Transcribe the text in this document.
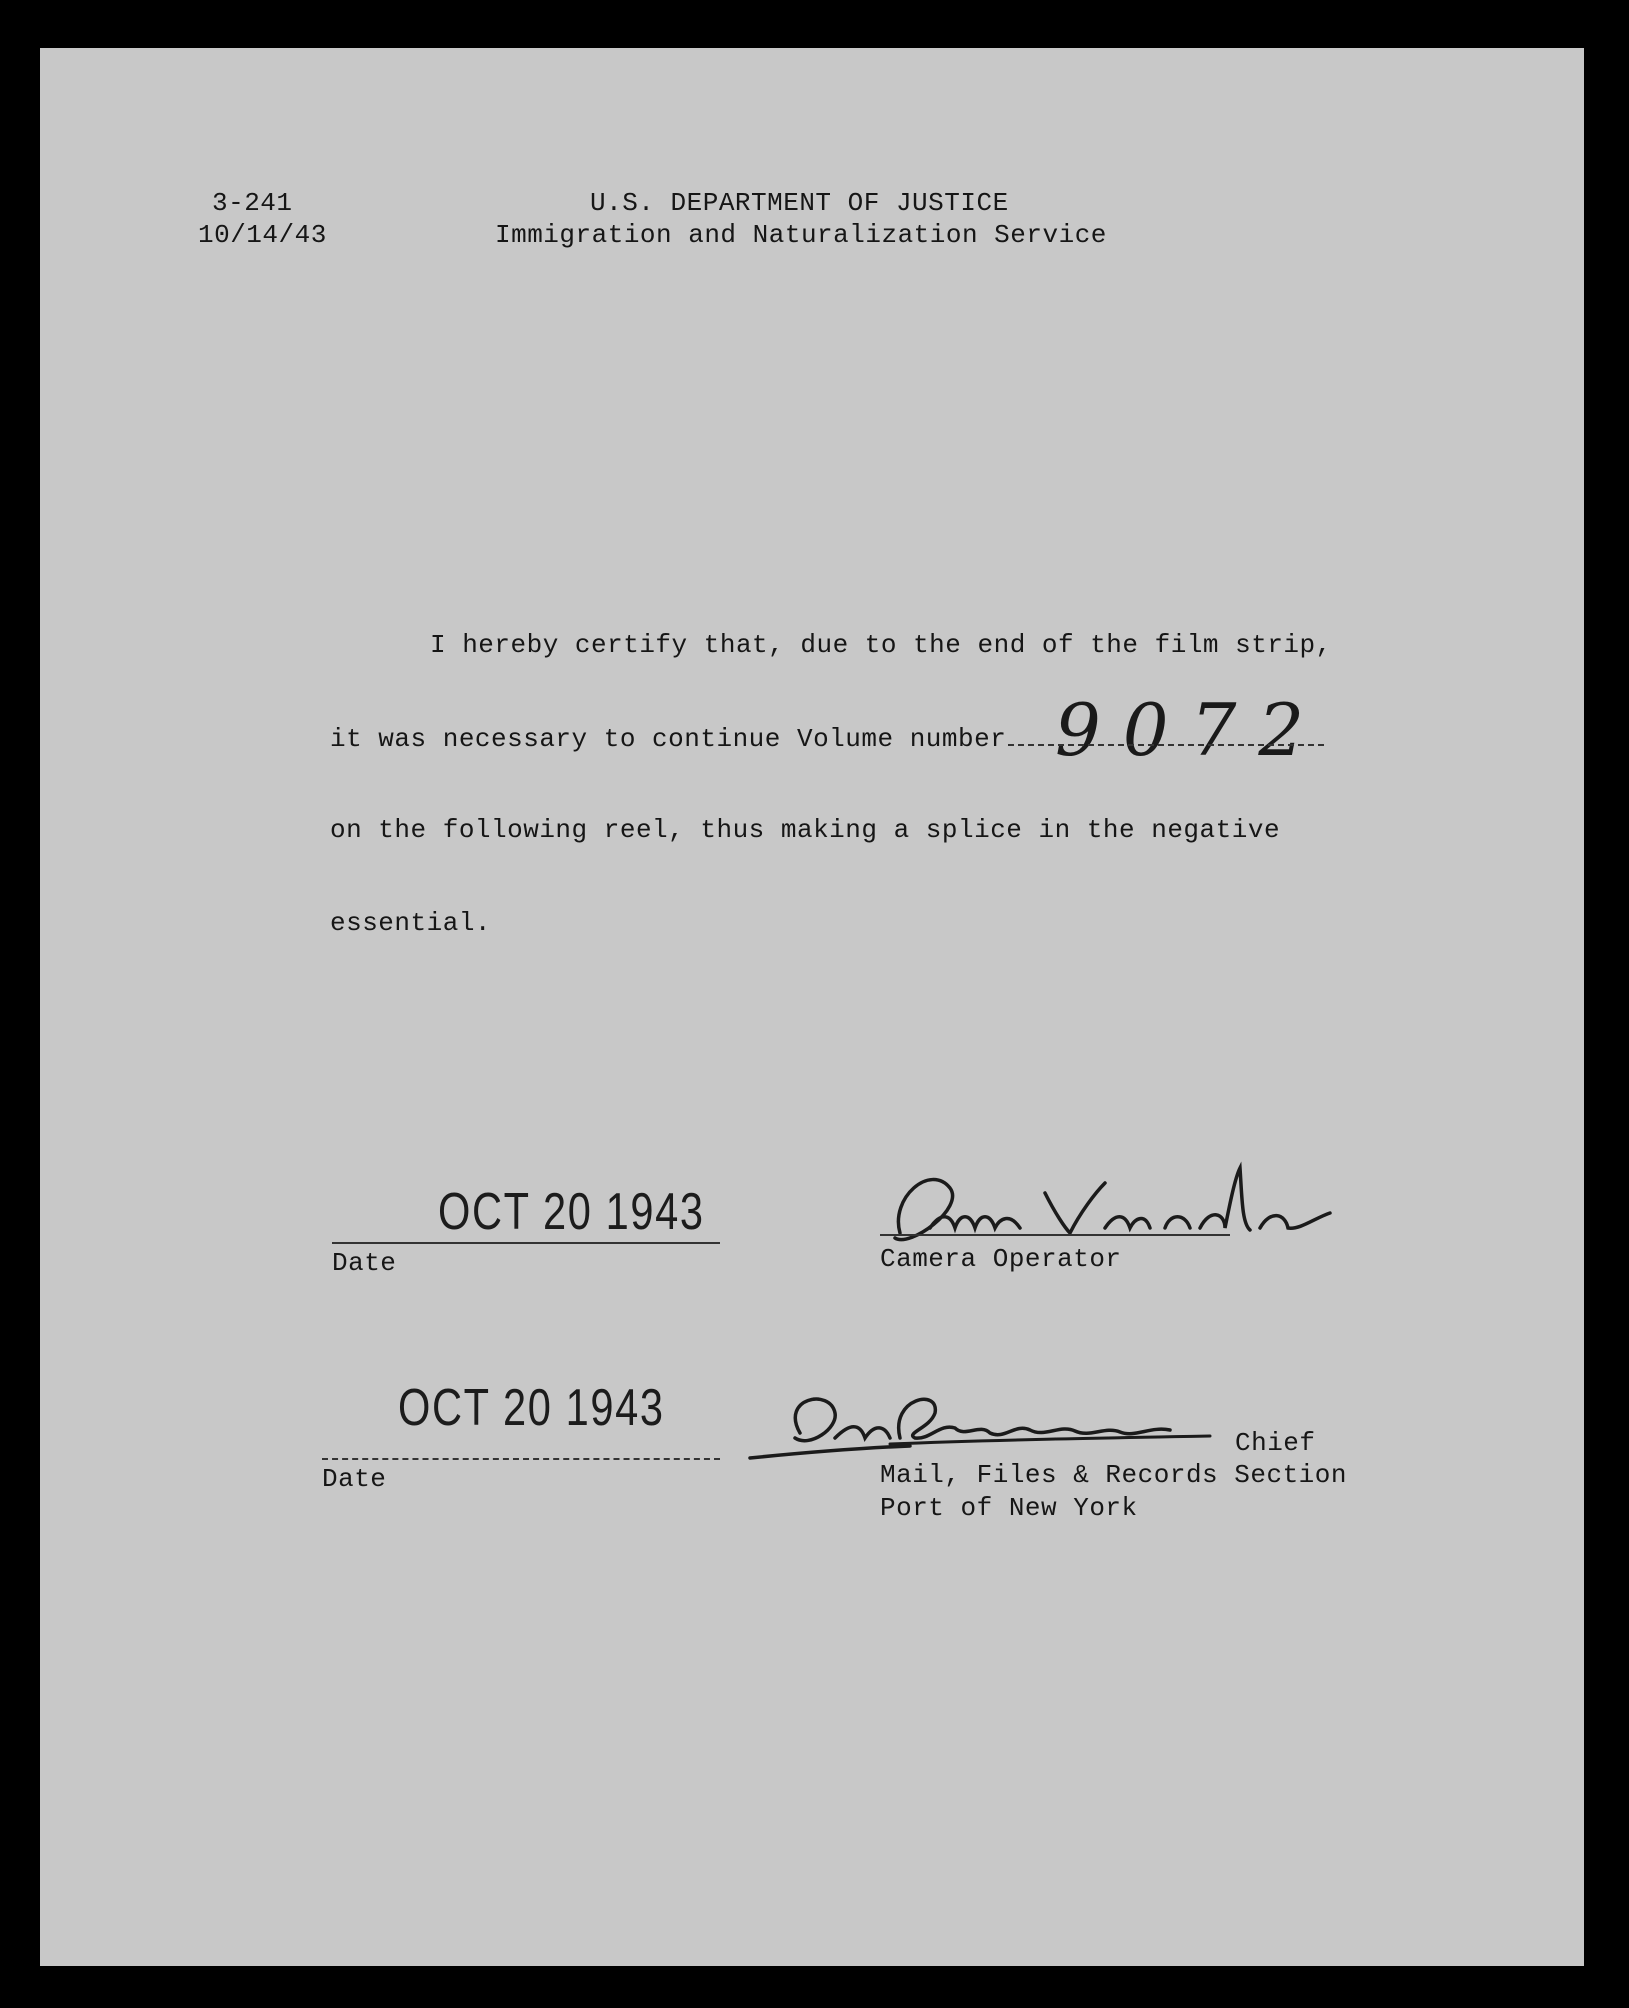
3-241
10/14/43
U.S. DEPARTMENT OF JUSTICE
Immigration and Naturalization Service
I hereby certify that, due to the end of the film strip,
it was necessary to continue Volume number 9072
on the following reel, thus making a splice in the negative
essential.
OCT 20 1943
Date	Camera Operator
OCT 20 1943
Date
Chief
Mail, Files & Records Section
Port of New York
